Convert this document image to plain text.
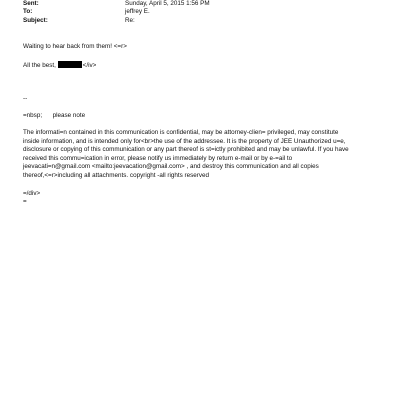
Sent:	Sunday, April 5, 2015 1:56 PM
To:	jeffrey E.
Subject:	Re:
Waiting to hear back from them! <=r>
All the best,	</iv>
--
=nbsp;      please note
The informati=n contained in this communication is confidential, may be attorney-clien= privileged, may constitute
inside information, and is intended only for<br>the use of the addressee. It is the property of JEE Unauthorized u=e,
disclosure or copying of this communication or any part thereof is st=ictly prohibited and may be unlawful. If you have
received this commu=ication in error, please notify us immediately by return e-mail or by e-=ail to
jeevacati=n@gmail.com <mailto:jeevacation@gmail.com> , and destroy this communication and all copies
thereof,<=r>including all attachments. copyright -all rights reserved
=/div>
=
